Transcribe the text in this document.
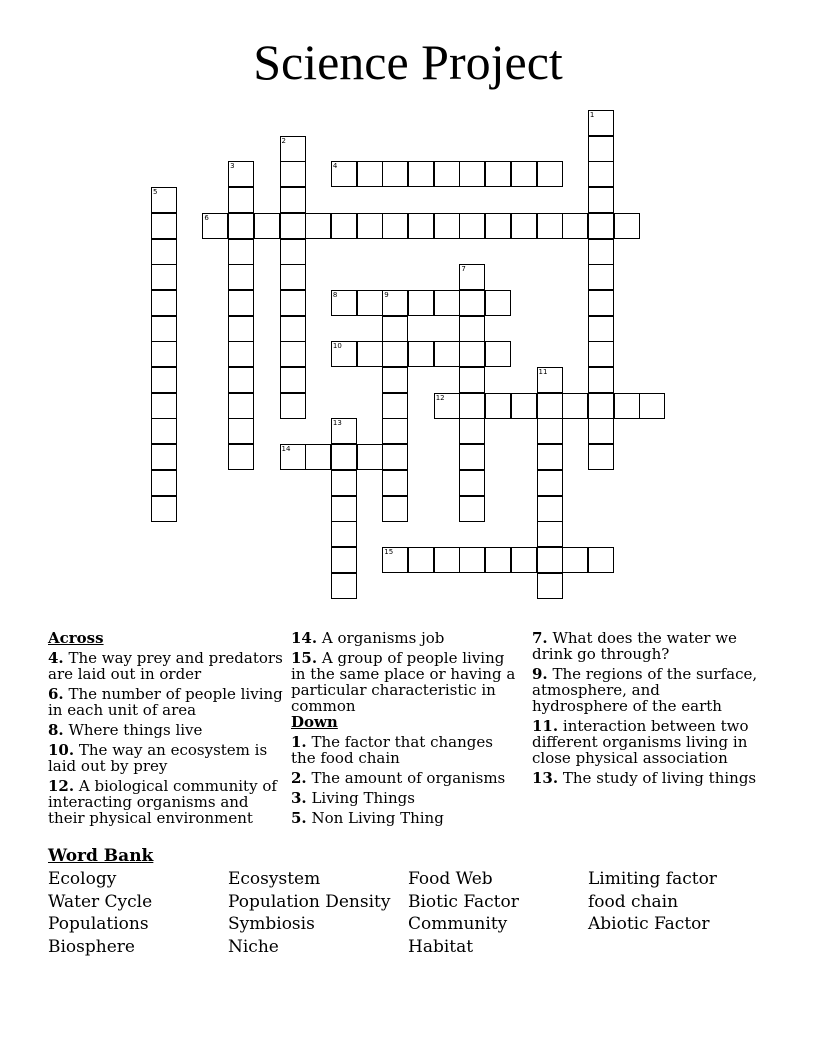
Science Project
1
2
3	4
5
6
7
8	9
10
11
12
13
14
15
Across
4. The way prey and predators are laid out in order
6. The number of people living in each unit of area
8. Where things live
10. The way an ecosystem is laid out by prey
12. A biological community of interacting organisms and their physical environment
14. A organisms job
15. A group of people living in the same place or having a particular characteristic in common
Down
1. The factor that changes the food chain
2. The amount of organisms
3. Living Things
5. Non Living Thing
7. What does the water we drink go through?
9. The regions of the surface, atmosphere, and hydrosphere of the earth
11. interaction between two different organisms living in close physical association
13. The study of living things
Word Bank
Ecology
Water Cycle
Populations
Biosphere
Ecosystem
Population Density
Symbiosis
Niche
Food Web
Biotic Factor
Community
Habitat
Limiting factor
food chain
Abiotic Factor
